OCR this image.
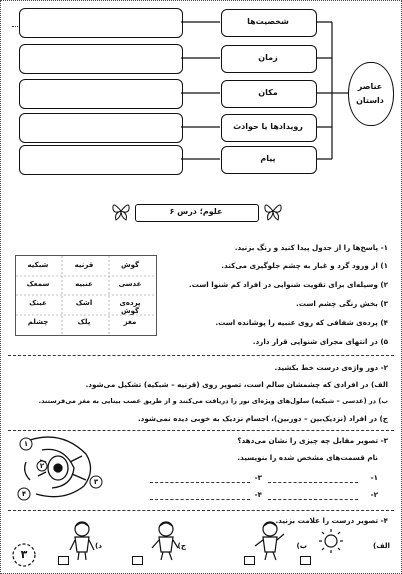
شخصیت‌ها
زمان
مکان
رویدادها یا حوادث
پیام
عناصر داستان
علوم؛ درس ۶
۱- پاسخ‌ها را از جدول پیدا کنید و رنگ بزنید.
۱) از ورود گرد و غبار به چشم جلوگیری می‌کند.
۲) وسیله‌ای برای تقویت شنوایی در افراد کم شنوا است.
۳) بخش رنگی چشم است.
۴) پرده‌ی شفافی که روی عنبیه را پوشانده است.
۵) در انتهای مجرای شنوایی قرار دارد.
گوش
قرنیه
شبکیه
عدسی
عنبیه
سمعک
پرده‌ی گوش
اشک
عینک
مغز
پلک
چشلم
۲- دور واژه‌ی درست خط بکشید.
الف) در افرادی که چشمشان سالم است، تصویر روی (قرنیه – شبکیه) تشکیل می‌شود.
ب) در (عدسی – شبکیه) سلول‌های ویژه‌ای نور را دریافت می‌کنند و از طریق عصب بینایی به مغز می‌فرستند.
ج) در افراد (نزدیک‌بین – دوربین)، اجسام نزدیک به خوبی دیده نمی‌شود.
۳- تصویر مقابل چه چیزی را نشان می‌دهد؟
نام قسمت‌های مشخص شده را بنویسید.
۱-
۳-
۲-
۴-
۱
۲
۳
۴
۴- تصویر درست را علامت بزنید.
الف)
ب)
ج)
د)
۳
